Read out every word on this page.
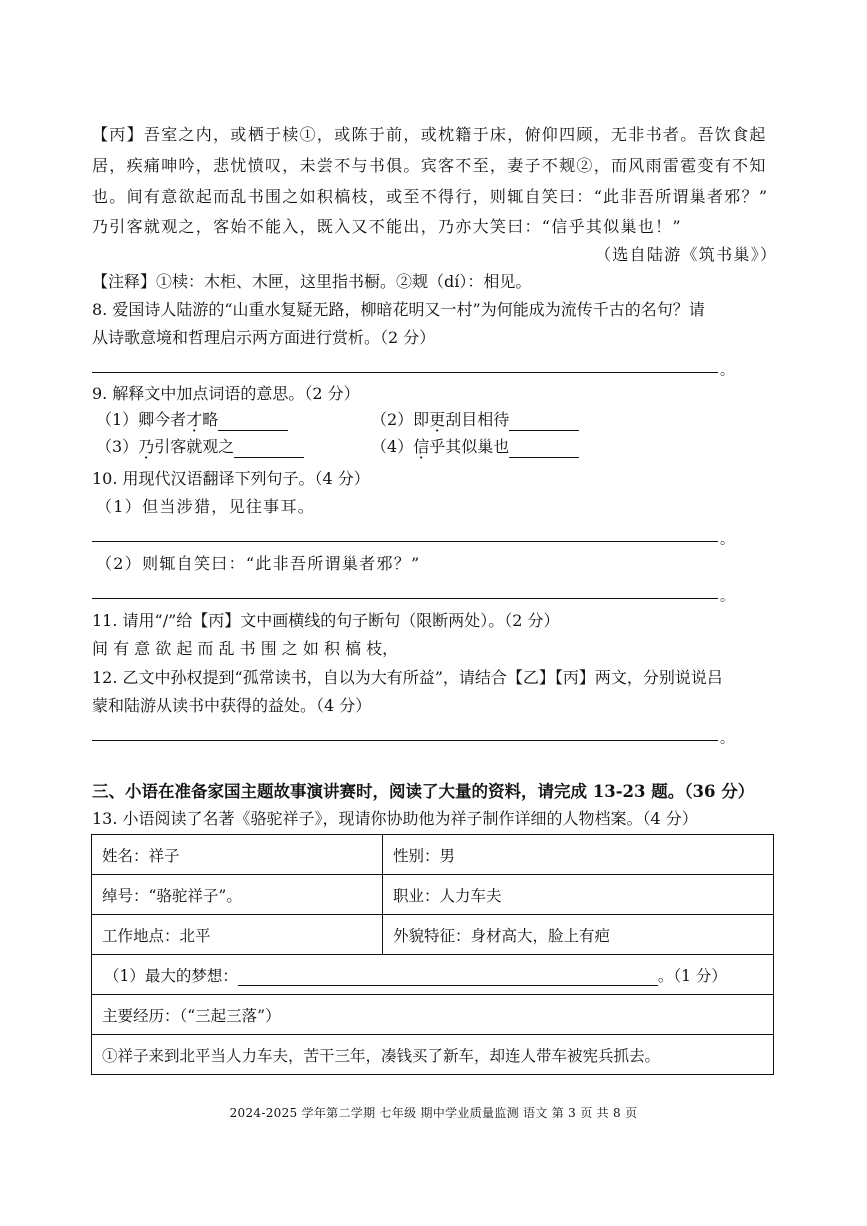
【丙】吾室之内，或栖于椟①，或陈于前，或枕籍于床，俯仰四顾，无非书者。吾饮食起
居，疾痛呻吟，悲忧愤叹，未尝不与书俱。宾客不至，妻子不觌②，而风雨雷雹变有不知
也。间有意欲起而乱书围之如积槁枝，或至不得行，则辄自笑曰：“此非吾所谓巢者邪？”
乃引客就观之，客始不能入，既入又不能出，乃亦大笑曰：“信乎其似巢也！”
（选自陆游《筑书巢》）
【注释】①椟：木柜、木匣，这里指书橱。②觌（dí）：相见。
8. 爱国诗人陆游的“山重水复疑无路，柳暗花明又一村”为何能成为流传千古的名句？请
从诗歌意境和哲理启示两方面进行赏析。（2 分）
。
9. 解释文中加点词语的意思。（2 分）
（1）卿今者才略	（2）即更刮目相待
（3）乃引客就观之	（4）信乎其似巢也
10. 用现代汉语翻译下列句子。（4 分）
（1）但当涉猎，见往事耳。
。
（2）则辄自笑曰：“此非吾所谓巢者邪？”
。
11. 请用“/”给【丙】文中画横线的句子断句（限断两处）。（2 分）
间 有 意 欲 起 而 乱 书 围 之 如 积 槁 枝，
12. 乙文中孙权提到“孤常读书，自以为大有所益”，请结合【乙】【丙】两文，分别说说吕
蒙和陆游从读书中获得的益处。（4 分）
。
三、小语在准备家国主题故事演讲赛时，阅读了大量的资料，请完成 13-23 题。（36 分）
13. 小语阅读了名著《骆驼祥子》，现请你协助他为祥子制作详细的人物档案。（4 分）
姓名：祥子	性别：男
绰号：“骆驼祥子”。	职业：人力车夫
工作地点：北平	外貌特征：身材高大，脸上有疤
（1）最大的梦想： 。（1 分）	
主要经历：（“三起三落”）	
①祥子来到北平当人力车夫，苦干三年，凑钱买了新车，却连人带车被宪兵抓去。	
2024-2025 学年第二学期 七年级 期中学业质量监测 语文 第 3 页 共 8 页
